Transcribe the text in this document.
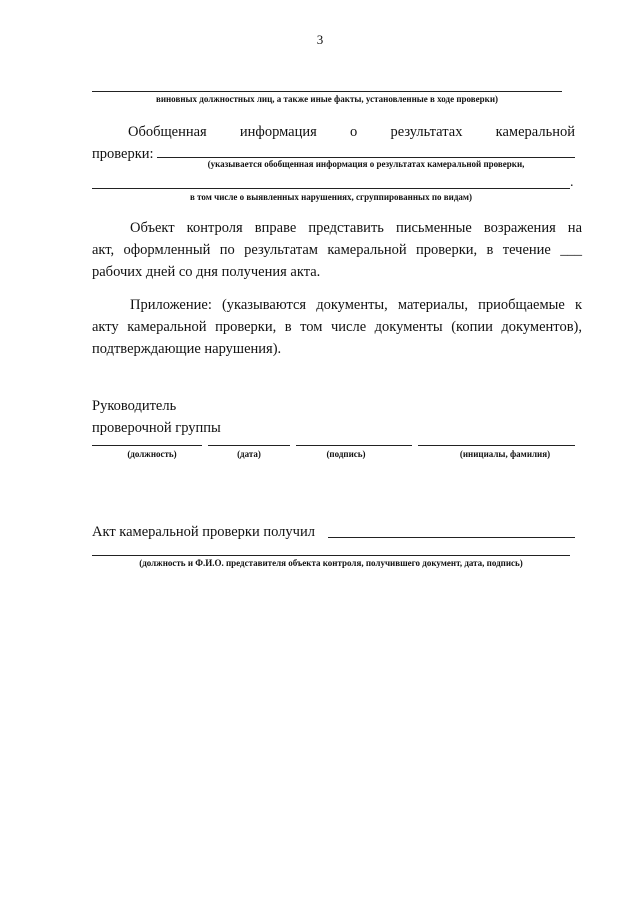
3
виновных должностных лиц, а также иные факты, установленные в ходе проверки)
Обобщенная информация о результатах камеральной
проверки:
(указывается обобщенная информация о результатах камеральной проверки,
.
в том числе о выявленных нарушениях, сгруппированных по видам)
Объект контроля вправе представить письменные возражения на
акт, оформленный по результатам камеральной проверки, в течение ___
рабочих дней со дня получения акта.
Приложение: (указываются документы, материалы, приобщаемые к
акту камеральной проверки, в том числе документы (копии документов),
подтверждающие нарушения).
Руководитель
проверочной группы
(должность)	(дата)	(подпись)	(инициалы, фамилия)
Акт камеральной проверки получил
(должность и Ф.И.О. представителя объекта контроля, получившего документ, дата, подпись)
